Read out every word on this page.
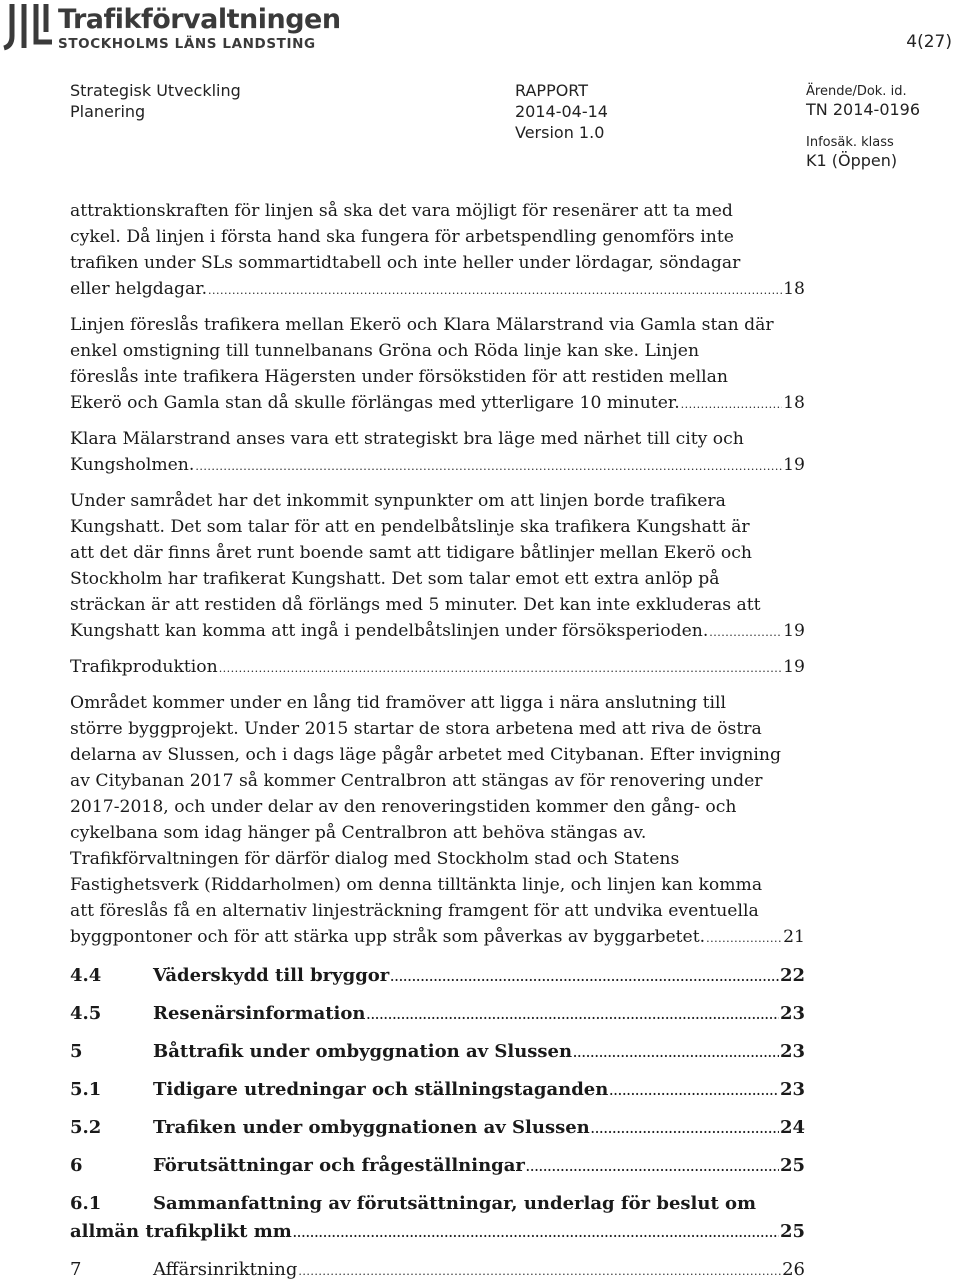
Trafikförvaltningen
STOCKHOLMS LÄNS LANDSTING	4(27)
Strategisk Utveckling
Planering
RAPPORT
2014-04-14
Version 1.0
Ärende/Dok. id.
TN 2014-0196
Infosäk. klass
K1 (Öppen)
attraktionskraften för linjen så ska det vara möjligt för resenärer att ta med
cykel. Då linjen i första hand ska fungera för arbetspendling genomförs inte
trafiken under SLs sommartidtabell och inte heller under lördagar, söndagar
eller helgdagar. .....	18
Linjen föreslås trafikera mellan Ekerö och Klara Mälarstrand via Gamla stan där
enkel omstigning till tunnelbanans Gröna och Röda linje kan ske. Linjen
föreslås inte trafikera Hägersten under försökstiden för att restiden mellan
Ekerö och Gamla stan då skulle förlängas med ytterligare 10 minuter. .....	18
Klara Mälarstrand anses vara ett strategiskt bra läge med närhet till city och
Kungsholmen. .....	19
Under samrådet har det inkommit synpunkter om att linjen borde trafikera
Kungshatt. Det som talar för att en pendelbåtslinje ska trafikera Kungshatt är
att det där finns året runt boende samt att tidigare båtlinjer mellan Ekerö och
Stockholm har trafikerat Kungshatt. Det som talar emot ett extra anlöp på
sträckan är att restiden då förlängs med 5 minuter. Det kan inte exkluderas att
Kungshatt kan komma att ingå i pendelbåtslinjen under försöksperioden. .....	19
Trafikproduktion .....	19
Området kommer under en lång tid framöver att ligga i nära anslutning till
större byggprojekt. Under 2015 startar de stora arbetena med att riva de östra
delarna av Slussen, och i dags läge pågår arbetet med Citybanan. Efter invigning
av Citybanan 2017 så kommer Centralbron att stängas av för renovering under
2017-2018, och under delar av den renoveringstiden kommer den gång- och
cykelbana som idag hänger på Centralbron att behöva stängas av.
Trafikförvaltningen för därför dialog med Stockholm stad och Statens
Fastighetsverk (Riddarholmen) om denna tilltänkta linje, och linjen kan komma
att föreslås få en alternativ linjesträckning framgent för att undvika eventuella
byggpontoner och för att stärka upp stråk som påverkas av byggarbetet. .....	21
4.4	Väderskydd till bryggor .....	22
4.5	Resenärsinformation .....	23
5	Båttrafik under ombyggnation av Slussen .....	23
5.1	Tidigare utredningar och ställningstaganden .....	23
5.2	Trafiken under ombyggnationen av Slussen .....	24
6	Förutsättningar och frågeställningar .....	25
6.1	Sammanfattning av förutsättningar, underlag för beslut om
allmän trafikplikt mm .....	25
7	Affärsinriktning .....	26
